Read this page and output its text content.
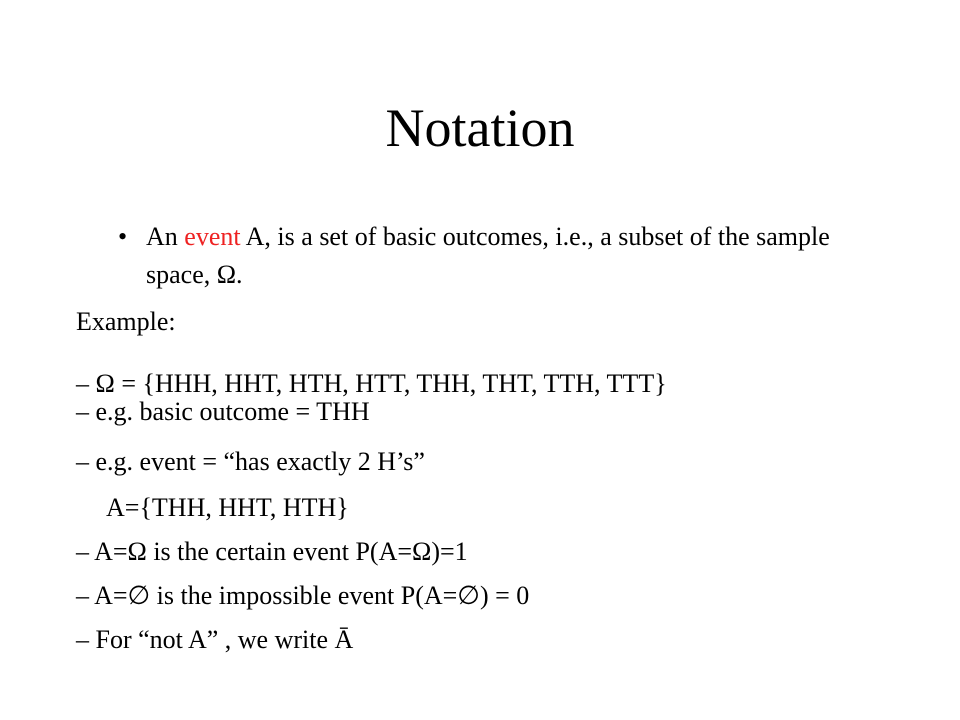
Notation
• An event A, is a set of basic outcomes, i.e., a subset of the sample space, Ω.
Example:
– Ω = {HHH, HHT, HTH, HTT, THH, THT, TTH, TTT}
– e.g. basic outcome = THH
– e.g. event = “has exactly 2 H’s”
A={THH, HHT, HTH}
– A=Ω is the certain event P(A=Ω)=1
– A=∅ is the impossible event P(A=∅) = 0
– For “not A” , we write Ā
